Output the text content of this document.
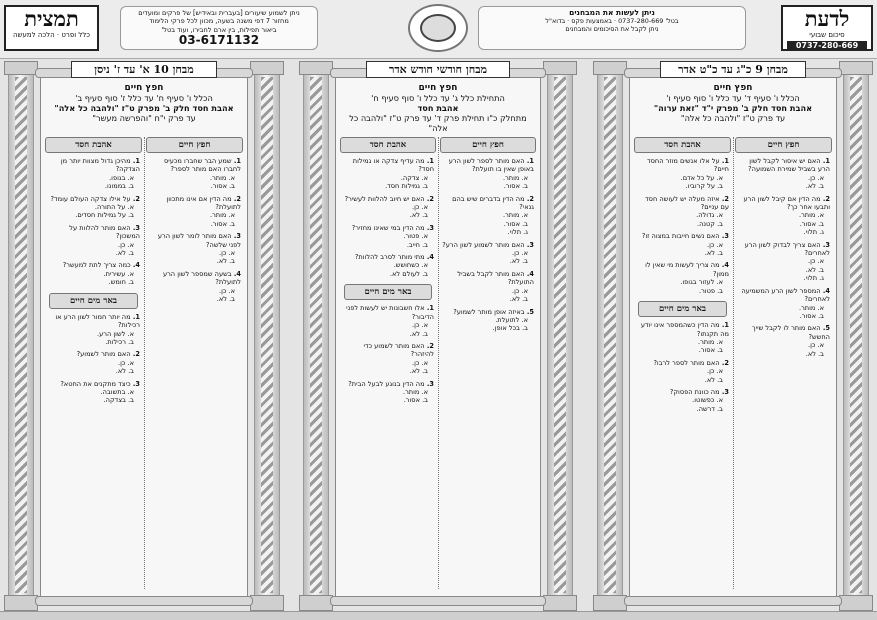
תמצית
כלל ופרט · הלכה למעשה
ניתן לשמוע שיעורים [בעברית ובאידיש] של פרקים ומועדים
מחזור 7 דפי משנה בשעה, מכוון לכל פרקי הלימוד
ביאור תפילות, בין ארם לחבירו, ועוד בטל'
03-6171132
ניתן לעשות את המבחנים
בטל' 0737-280-669 · באמצעות פקס · בדוא"ל
ניתן לקבל את הסיכומים והמבחנים	לדעת
סיכום שבועי
0737-280-669
מבחן 9 כ"ג עד כ"ט אדר
חפץ חיים
הכלל ו' סעיף ד' עד כלל ו' סוף סעיף ו'
אהבת חסד חלק ב' מפרק י"ד "זאת ערוה"
עד פרק ט"ז "ולהבה כל אלה"
חפץ חיים
1. האם יש איסור לקבל לשון הרע בשביל שמירת השמועה?
א. כן.
ב. לא.
2. מה הדין אם קיבל לשון הרע ותבעו אחר כך?
א. מותר.
ב. אסור.
ג. תלוי.
3. האם צריך לבדוק לשון הרע לאחרים?
א. כן.
ב. לא.
ג. תלוי.
4. המספר לשון הרע המשמיעה לאחרים?
א. מותר.
ב. אסור.
5. האם מותר לו לקבל שייך החשש?
א. כן.
ב. לא.
אהבת חסד
1. על אלו אנשים מוזר החסד חיים?
א. על כל אדם.
ב. על קרוביו.
2. איזה מעלה יש לעושה חסד עם עניים?
א. גדולה.
ב. קטנה.
3. האם נשים חייבות במצוה זו?
א. כן.
ב. לא.
4. מה צריך לעשות מי שאין לו ממון?
א. לעזור בגופו.
ב. פטור.
באר מים חיים
1. מה הדין כשהמספר אינו יודע מה תקנתו?
א. מותר.
ב. אסור.
2. האם מותר לספר לרבו?
א. כן.
ב. לא.
3. מה כוונת הפסוק?
א. כפשוטו.
ב. דרשה.
מבחן חודשי חודש אדר
חפץ חיים
התחילת כלל ג' עד כלל ו' סוף סעיף ח'
אהבת חסד
מתחלק כ"ו תחילת פרק ד' עד פרק ט"ז "ולהבה כל אלה"
חפץ חיים
1. האם מותר לספר לשון הרע באופן שאין בו תועלת?
א. מותר.
ב. אסור.
2. מה הדין בדברים שיש בהם גנאי?
א. מותר.
ב. אסור.
ג. תלוי.
3. האם מותר לשמוע לשון הרע?
א. כן.
ב. לא.
4. האם מותר לקבל בשביל התועלת?
א. כן.
ב. לא.
5. באיזה אופן מותר לשמוע?
א. לתועלת.
ב. בכל אופן.
אהבת חסד
1. מה עדיף צדקה או גמילות חסד?
א. צדקה.
ב. גמילות חסד.
2. האם יש חיוב להלוות לעשיר?
א. כן.
ב. לא.
3. מה הדין במי שאינו מחזיר?
א. פטור.
ב. חייב.
4. מתי מותר לסרב להלוות?
א. כשחושש.
ב. לעולם לא.
באר מים חיים
1. אלו חשבונות יש לעשות לפני הדיבור?
א. כן.
ב. לא.
2. האם מותר לשמוע כדי להיזהר?
א. כן.
ב. לא.
3. מה הדין בנוגע לבעל הבית?
א. מותר.
ב. אסור.
מבחן 10 א' עד ז' ניסן
חפץ חיים
הכלל ו' סעיף ח' עד כלל ז' סוף סעיף ב'
אהבת חסד חלק ב' מפרק ט"ז "ולהבה כל אלה"
עד פרק י"ח "והפרשה מעשר"
חפץ חיים
1. שמע הבר שחברו מכעיס לחברו האם מותר לספר?
א. מותר.
ב. אסור.
2. מה הדין אם אינו מתכוון לתועלת?
א. מותר.
ב. אסור.
3. האם מותר לומר לשון הרע לפני שלשה?
א. כן.
ב. לא.
4. בשעה שמספר לשון הרע לתועלת?
א. כן.
ב. לא.
אהבת חסד
1. מהיכן גדול מצוות יותר מן הצדקה?
א. בגופו.
ב. בממונו.
2. על אילו צדקה העולם עומד?
א. על התורה.
ב. על גמילות חסדים.
3. האם מותר להלוות על המשכון?
א. כן.
ב. לא.
4. כמה צריך לתת למעשר?
א. עשירית.
ב. חומש.
באר מים חיים
1. מה יותר חמור לשון הרע או רכילות?
א. לשון הרע.
ב. רכילות.
2. האם מותר לשמוע?
א. כן.
ב. לא.
3. כיצד מתקנים את החטא?
א. בתשובה.
ב. בצדקה.
